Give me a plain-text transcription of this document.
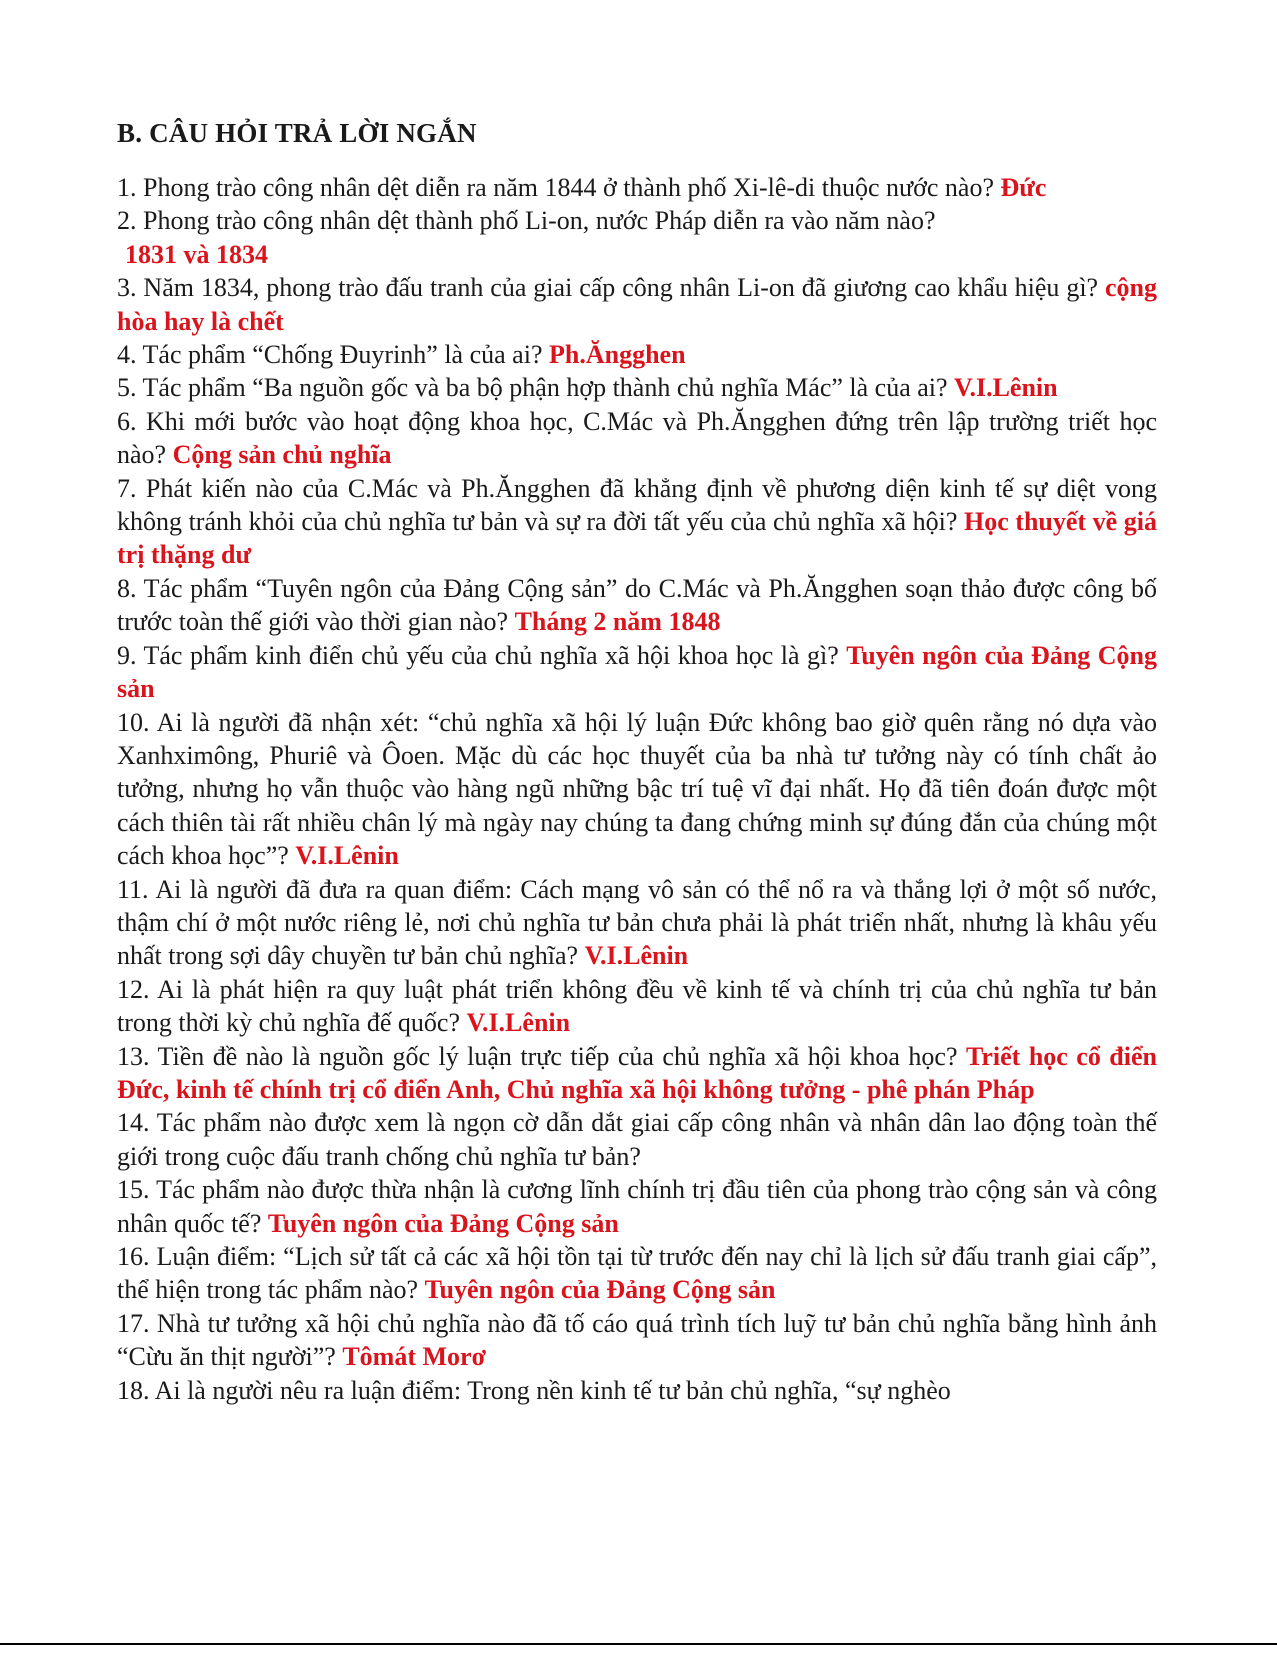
B. CÂU HỎI TRẢ LỜI NGẮN

1. Phong trào công nhân dệt diễn ra năm 1844 ở thành phố Xi-lê-di thuộc nước nào? Đức

2. Phong trào công nhân dệt thành phố Li-on, nước Pháp diễn ra vào năm nào?
1831 và 1834

3. Năm 1834, phong trào đấu tranh của giai cấp công nhân Li-on đã giương cao khẩu hiệu gì? cộng hòa hay là chết

4. Tác phẩm “Chống Đuyrinh” là của ai? Ph.Ăngghen

5. Tác phẩm “Ba nguồn gốc và ba bộ phận hợp thành chủ nghĩa Mác” là của ai? V.I.Lênin

6. Khi mới bước vào hoạt động khoa học, C.Mác và Ph.Ăngghen đứng trên lập trường triết học nào? Cộng sản chủ nghĩa

7. Phát kiến nào của C.Mác và Ph.Ăngghen đã khẳng định về phương diện kinh tế sự diệt vong không tránh khỏi của chủ nghĩa tư bản và sự ra đời tất yếu của chủ nghĩa xã hội? Học thuyết về giá trị thặng dư

8. Tác phẩm “Tuyên ngôn của Đảng Cộng sản” do C.Mác và Ph.Ăngghen soạn thảo được công bố trước toàn thế giới vào thời gian nào? Tháng 2 năm 1848

9. Tác phẩm kinh điển chủ yếu của chủ nghĩa xã hội khoa học là gì? Tuyên ngôn của Đảng Cộng sản

10. Ai là người đã nhận xét: “chủ nghĩa xã hội lý luận Đức không bao giờ quên rằng nó dựa vào Xanhximông, Phuriê và Ôoen. Mặc dù các học thuyết của ba nhà tư tưởng này có tính chất ảo tưởng, nhưng họ vẫn thuộc vào hàng ngũ những bậc trí tuệ vĩ đại nhất. Họ đã tiên đoán được một cách thiên tài rất nhiều chân lý mà ngày nay chúng ta đang chứng minh sự đúng đắn của chúng một cách khoa học”? V.I.Lênin

11. Ai là người đã đưa ra quan điểm: Cách mạng vô sản có thể nổ ra và thắng lợi ở một số nước, thậm chí ở một nước riêng lẻ, nơi chủ nghĩa tư bản chưa phải là phát triển nhất, nhưng là khâu yếu nhất trong sợi dây chuyền tư bản chủ nghĩa? V.I.Lênin

12. Ai là phát hiện ra quy luật phát triển không đều về kinh tế và chính trị của chủ nghĩa tư bản trong thời kỳ chủ nghĩa đế quốc? V.I.Lênin

13. Tiền đề nào là nguồn gốc lý luận trực tiếp của chủ nghĩa xã hội khoa học? Triết học cổ điển Đức, kinh tế chính trị cổ điển Anh, Chủ nghĩa xã hội không tưởng - phê phán Pháp

14. Tác phẩm nào được xem là ngọn cờ dẫn dắt giai cấp công nhân và nhân dân lao động toàn thế giới trong cuộc đấu tranh chống chủ nghĩa tư bản?

15. Tác phẩm nào được thừa nhận là cương lĩnh chính trị đầu tiên của phong trào cộng sản và công nhân quốc tế? Tuyên ngôn của Đảng Cộng sản

16. Luận điểm: “Lịch sử tất cả các xã hội tồn tại từ trước đến nay chỉ là lịch sử đấu tranh giai cấp”, thể hiện trong tác phẩm nào? Tuyên ngôn của Đảng Cộng sản

17. Nhà tư tưởng xã hội chủ nghĩa nào đã tố cáo quá trình tích luỹ tư bản chủ nghĩa bằng hình ảnh “Cừu ăn thịt người”? Tômát Morơ

18. Ai là người nêu ra luận điểm: Trong nền kinh tế tư bản chủ nghĩa, “sự nghèo
